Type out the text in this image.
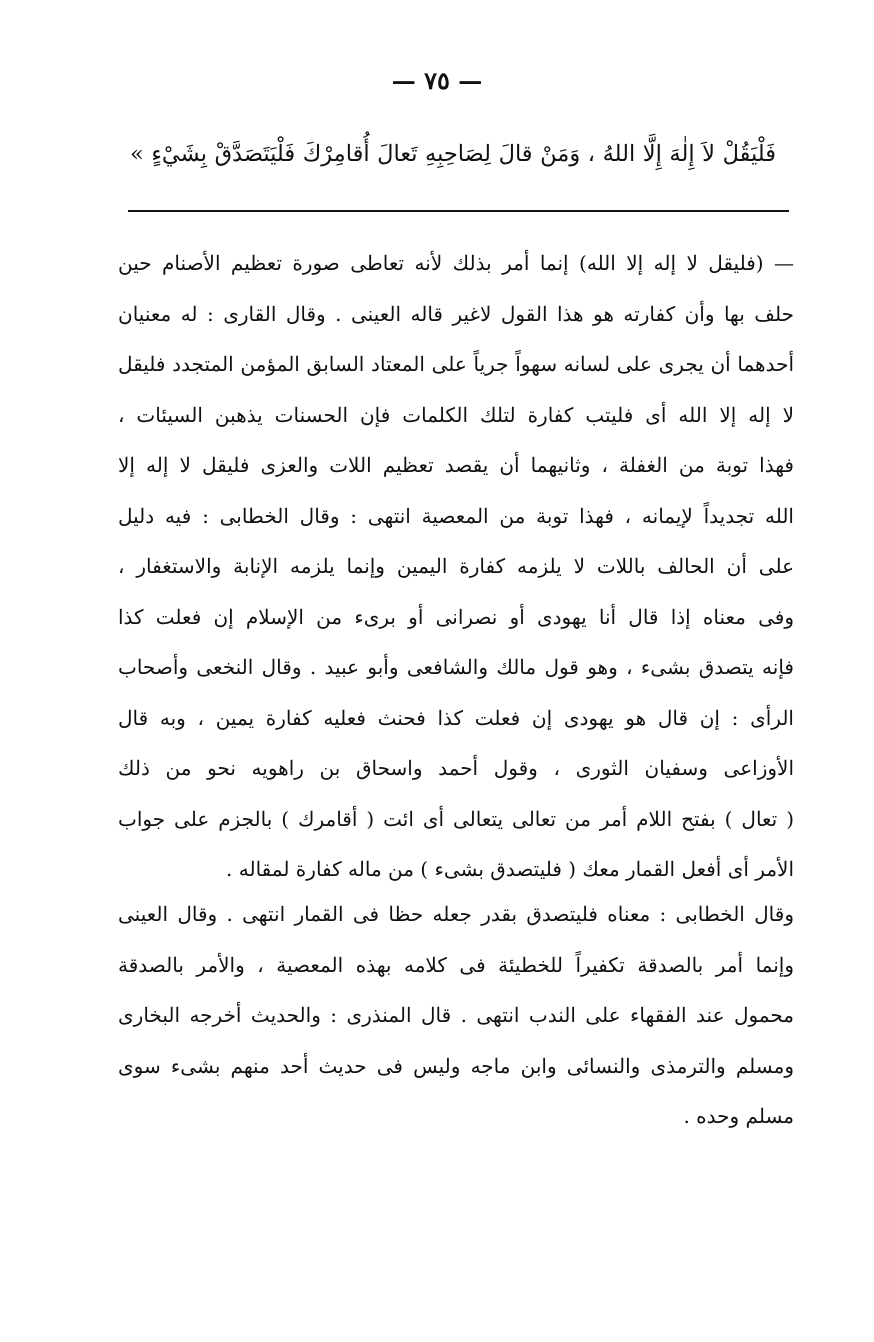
— ٧٥ —
فَلْيَقُلْ لاَ إِلٰهَ إِلَّا اللهُ ، وَمَنْ قالَ لِصَاحِبِهِ تَعالَ أُقامِرْكَ فَلْيَتَصَدَّقْ بِشَيْءٍ »

— (فليقل لا إله إلا الله) إنما أمر بذلك لأنه تعاطى صورة تعظيم الأصنام حين

حلف بها وأن كفارته هو هذا القول لاغير قاله العينى . وقال القارى : له معنيان

أحدهما أن يجرى على لسانه سهواً جرياً على المعتاد السابق المؤمن المتجدد فليقل

لا إله إلا الله أى فليتب كفارة لتلك الكلمات فإن الحسنات يذهبن السيئات ،

فهذا توبة من الغفلة ، وثانيهما أن يقصد تعظيم اللات والعزى فليقل لا إله إلا

الله تجديداً لإيمانه ، فهذا توبة من المعصية انتهى : وقال الخطابى : فيه دليل

على أن الحالف باللات لا يلزمه كفارة اليمين وإنما يلزمه الإنابة والاستغفار ،

وفى معناه إذا قال أنا يهودى أو نصرانى أو برىء من الإسلام إن فعلت كذا

فإنه يتصدق بشىء ، وهو قول مالك والشافعى وأبو عبيد . وقال النخعى وأصحاب

الرأى : إن قال هو يهودى إن فعلت كذا فحنث فعليه كفارة يمين ، وبه قال

الأوزاعى وسفيان الثورى ، وقول أحمد واسحاق بن راهويه نحو من ذلك

( تعال ) بفتح اللام أمر من تعالى يتعالى أى ائت ( أقامرك ) بالجزم على جواب

الأمر أى أفعل القمار معك ( فليتصدق بشىء ) من ماله كفارة لمقاله .

وقال الخطابى : معناه فليتصدق بقدر جعله حظا فى القمار انتهى . وقال العينى

وإنما أمر بالصدقة تكفيراً للخطيئة فى كلامه بهذه المعصية ، والأمر بالصدقة

محمول عند الفقهاء على الندب انتهى . قال المنذرى : والحديث أخرجه البخارى

ومسلم والترمذى والنسائى وابن ماجه وليس فى حديث أحد منهم بشىء سوى

مسلم وحده .
